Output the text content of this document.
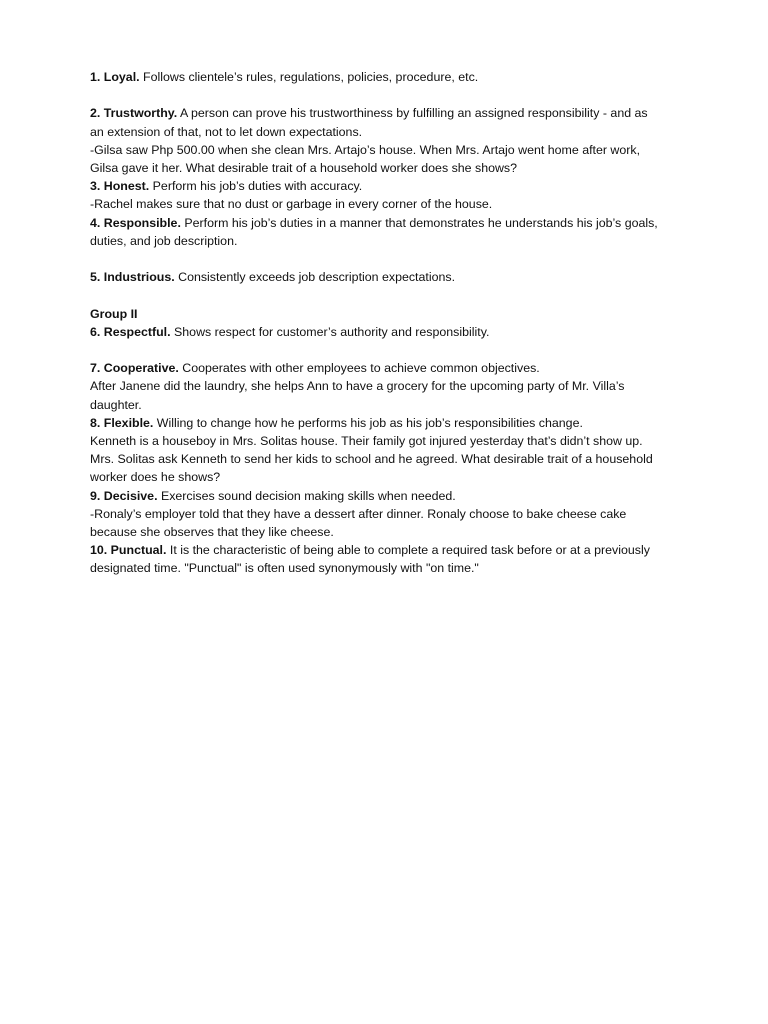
1. Loyal. Follows clientele’s rules, regulations, policies, procedure, etc.
2. Trustworthy. A person can prove his trustworthiness by fulfilling an assigned responsibility - and as
an extension of that, not to let down expectations.
-Gilsa saw Php 500.00 when she clean Mrs. Artajo’s house. When Mrs. Artajo went home after work,
Gilsa gave it her. What desirable trait of a household worker does she shows?
3. Honest. Perform his job’s duties with accuracy.
-Rachel makes sure that no dust or garbage in every corner of the house.
4. Responsible. Perform his job’s duties in a manner that demonstrates he understands his job’s goals,
duties, and job description.
5. Industrious. Consistently exceeds job description expectations.
Group II
6. Respectful. Shows respect for customer’s authority and responsibility.
7. Cooperative. Cooperates with other employees to achieve common objectives.
After Janene did the laundry, she helps Ann to have a grocery for the upcoming party of Mr. Villa’s
daughter.
8. Flexible. Willing to change how he performs his job as his job’s responsibilities change.
Kenneth is a houseboy in Mrs. Solitas house. Their family got injured yesterday that’s didn’t show up.
Mrs. Solitas ask Kenneth to send her kids to school and he agreed. What desirable trait of a household
worker does he shows?
9. Decisive. Exercises sound decision making skills when needed.
-Ronaly’s employer told that they have a dessert after dinner. Ronaly choose to bake cheese cake
because she observes that they like cheese.
10. Punctual. It is the characteristic of being able to complete a required task before or at a previously
designated time. "Punctual" is often used synonymously with "on time."
